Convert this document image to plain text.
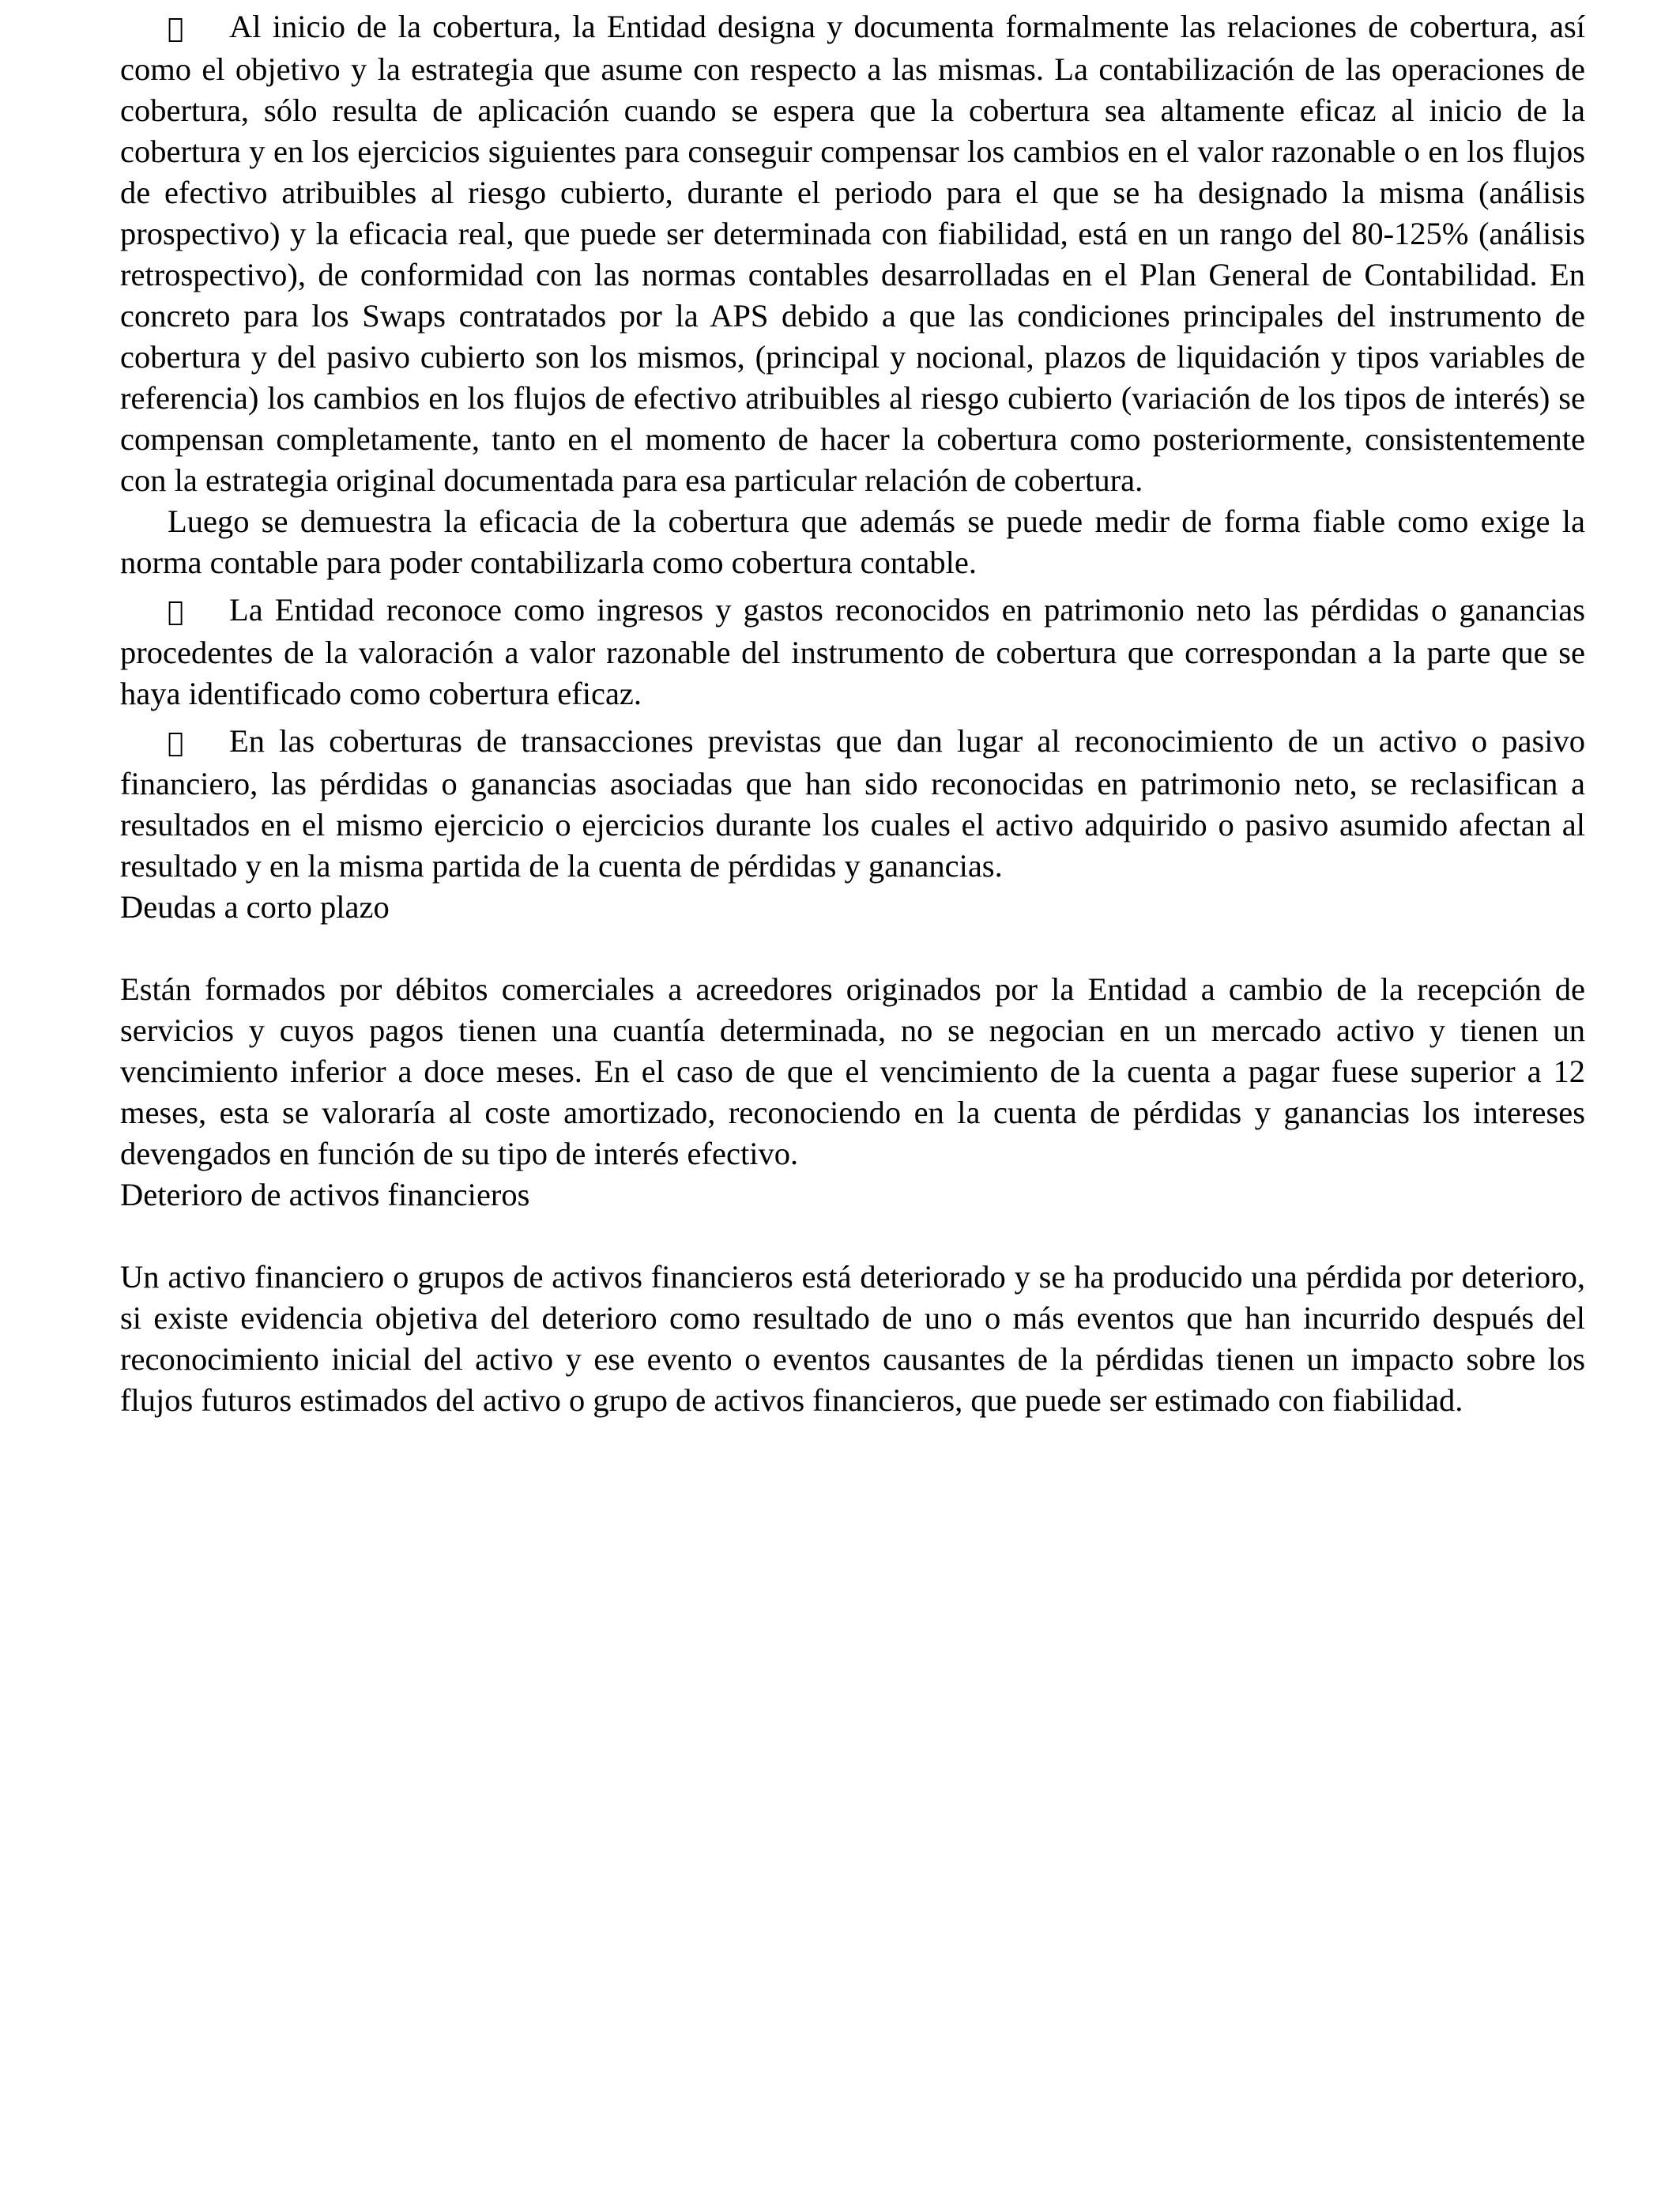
Al inicio de la cobertura, la Entidad designa y documenta formalmente las relaciones de cobertura, así como el objetivo y la estrategia que asume con respecto a las mismas. La contabilización de las operaciones de cobertura, sólo resulta de aplicación cuando se espera que la cobertura sea altamente eficaz al inicio de la cobertura y en los ejercicios siguientes para conseguir compensar los cambios en el valor razonable o en los flujos de efectivo atribuibles al riesgo cubierto, durante el periodo para el que se ha designado la misma (análisis prospectivo) y la eficacia real, que puede ser determinada con fiabilidad, está en un rango del 80-125% (análisis retrospectivo), de conformidad con las normas contables desarrolladas en el Plan General de Contabilidad. En concreto para los Swaps contratados por la APS debido a que las condiciones principales del instrumento de cobertura y del pasivo cubierto son los mismos, (principal y nocional, plazos de liquidación y tipos variables de referencia) los cambios en los flujos de efectivo atribuibles al riesgo cubierto (variación de los tipos de interés) se compensan completamente, tanto en el momento de hacer la cobertura como posteriormente, consistentemente con la estrategia original documentada para esa particular relación de cobertura.

Luego se demuestra la eficacia de la cobertura que además se puede medir de forma fiable como exige la norma contable para poder contabilizarla como cobertura contable.

La Entidad reconoce como ingresos y gastos reconocidos en patrimonio neto las pérdidas o ganancias procedentes de la valoración a valor razonable del instrumento de cobertura que correspondan a la parte que se haya identificado como cobertura eficaz.

En las coberturas de transacciones previstas que dan lugar al reconocimiento de un activo o pasivo financiero, las pérdidas o ganancias asociadas que han sido reconocidas en patrimonio neto, se reclasifican a resultados en el mismo ejercicio o ejercicios durante los cuales el activo adquirido o pasivo asumido afectan al resultado y en la misma partida de la cuenta de pérdidas y ganancias.

Deudas a corto plazo

Están formados por débitos comerciales a acreedores originados por la Entidad a cambio de la recepción de servicios y cuyos pagos tienen una cuantía determinada, no se negocian en un mercado activo y tienen un vencimiento inferior a doce meses. En el caso de que el vencimiento de la cuenta a pagar fuese superior a 12 meses, esta se valoraría al coste amortizado, reconociendo en la cuenta de pérdidas y ganancias los intereses devengados en función de su tipo de interés efectivo.

Deterioro de activos financieros

Un activo financiero o grupos de activos financieros está deteriorado y se ha producido una pérdida por deterioro, si existe evidencia objetiva del deterioro como resultado de uno o más eventos que han incurrido después del reconocimiento inicial del activo y ese evento o eventos causantes de la pérdidas tienen un impacto sobre los flujos futuros estimados del activo o grupo de activos financieros, que puede ser estimado con fiabilidad.
